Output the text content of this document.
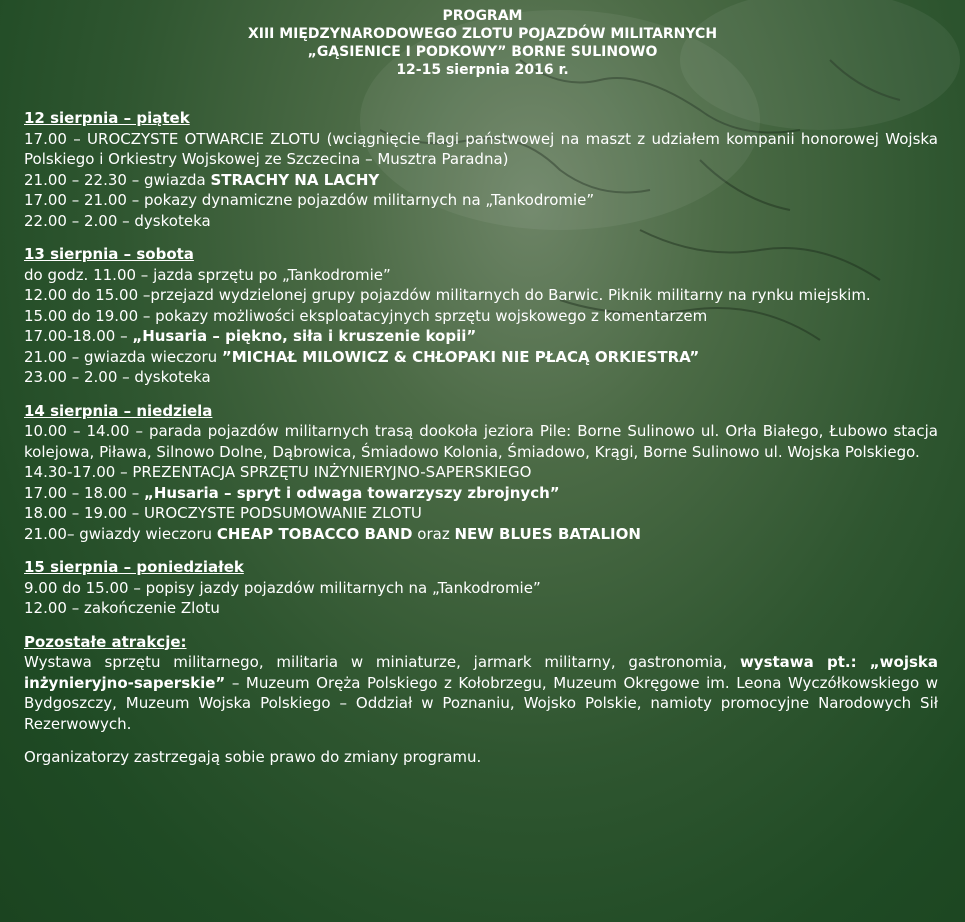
PROGRAM
XIII MIĘDZYNARODOWEGO ZLOTU POJAZDÓW MILITARNYCH
„GĄSIENICE I PODKOWY” BORNE SULINOWO
12-15 sierpnia 2016 r.

12 sierpnia – piątek

17.00 – UROCZYSTE OTWARCIE ZLOTU (wciągnięcie flagi państwowej na maszt z udziałem kompanii honorowej Wojska Polskiego i Orkiestry Wojskowej ze Szczecina – Musztra Paradna)

21.00 – 22.30 – gwiazda STRACHY NA LACHY

17.00 – 21.00 – pokazy dynamiczne pojazdów militarnych na „Tankodromie”

22.00 – 2.00 – dyskoteka

13 sierpnia – sobota

do godz. 11.00 – jazda sprzętu po „Tankodromie”

12.00 do 15.00 –przejazd wydzielonej grupy pojazdów militarnych do Barwic. Piknik militarny na rynku miejskim.

15.00 do 19.00 – pokazy możliwości eksploatacyjnych sprzętu wojskowego z komentarzem

17.00-18.00 – „Husaria – piękno, siła i kruszenie kopii”

21.00 – gwiazda wieczoru ”MICHAŁ MILOWICZ & CHŁOPAKI NIE PŁACĄ ORKIESTRA”

23.00 – 2.00 – dyskoteka

14 sierpnia – niedziela

10.00 – 14.00 – parada pojazdów militarnych trasą dookoła jeziora Pile: Borne Sulinowo ul. Orła Białego, Łubowo stacja kolejowa, Piława, Silnowo Dolne, Dąbrowica, Śmiadowo Kolonia, Śmiadowo, Krągi, Borne Sulinowo ul. Wojska Polskiego.

14.30-17.00 – PREZENTACJA SPRZĘTU INŻYNIERYJNO-SAPERSKIEGO

17.00 – 18.00 – „Husaria – spryt i odwaga towarzyszy zbrojnych”

18.00 – 19.00 – UROCZYSTE PODSUMOWANIE ZLOTU

21.00– gwiazdy wieczoru CHEAP TOBACCO BAND oraz NEW BLUES BATALION

15 sierpnia – poniedziałek

9.00 do 15.00 – popisy jazdy pojazdów militarnych na „Tankodromie”

12.00 – zakończenie Zlotu

Pozostałe atrakcje:

Wystawa sprzętu militarnego, militaria w miniaturze, jarmark militarny, gastronomia, wystawa pt.: „wojska inżynieryjno-saperskie” – Muzeum Oręża Polskiego z Kołobrzegu, Muzeum Okręgowe im. Leona Wyczółkowskiego w Bydgoszczy, Muzeum Wojska Polskiego – Oddział w Poznaniu, Wojsko Polskie, namioty promocyjne Narodowych Sił Rezerwowych.

Organizatorzy zastrzegają sobie prawo do zmiany programu.
